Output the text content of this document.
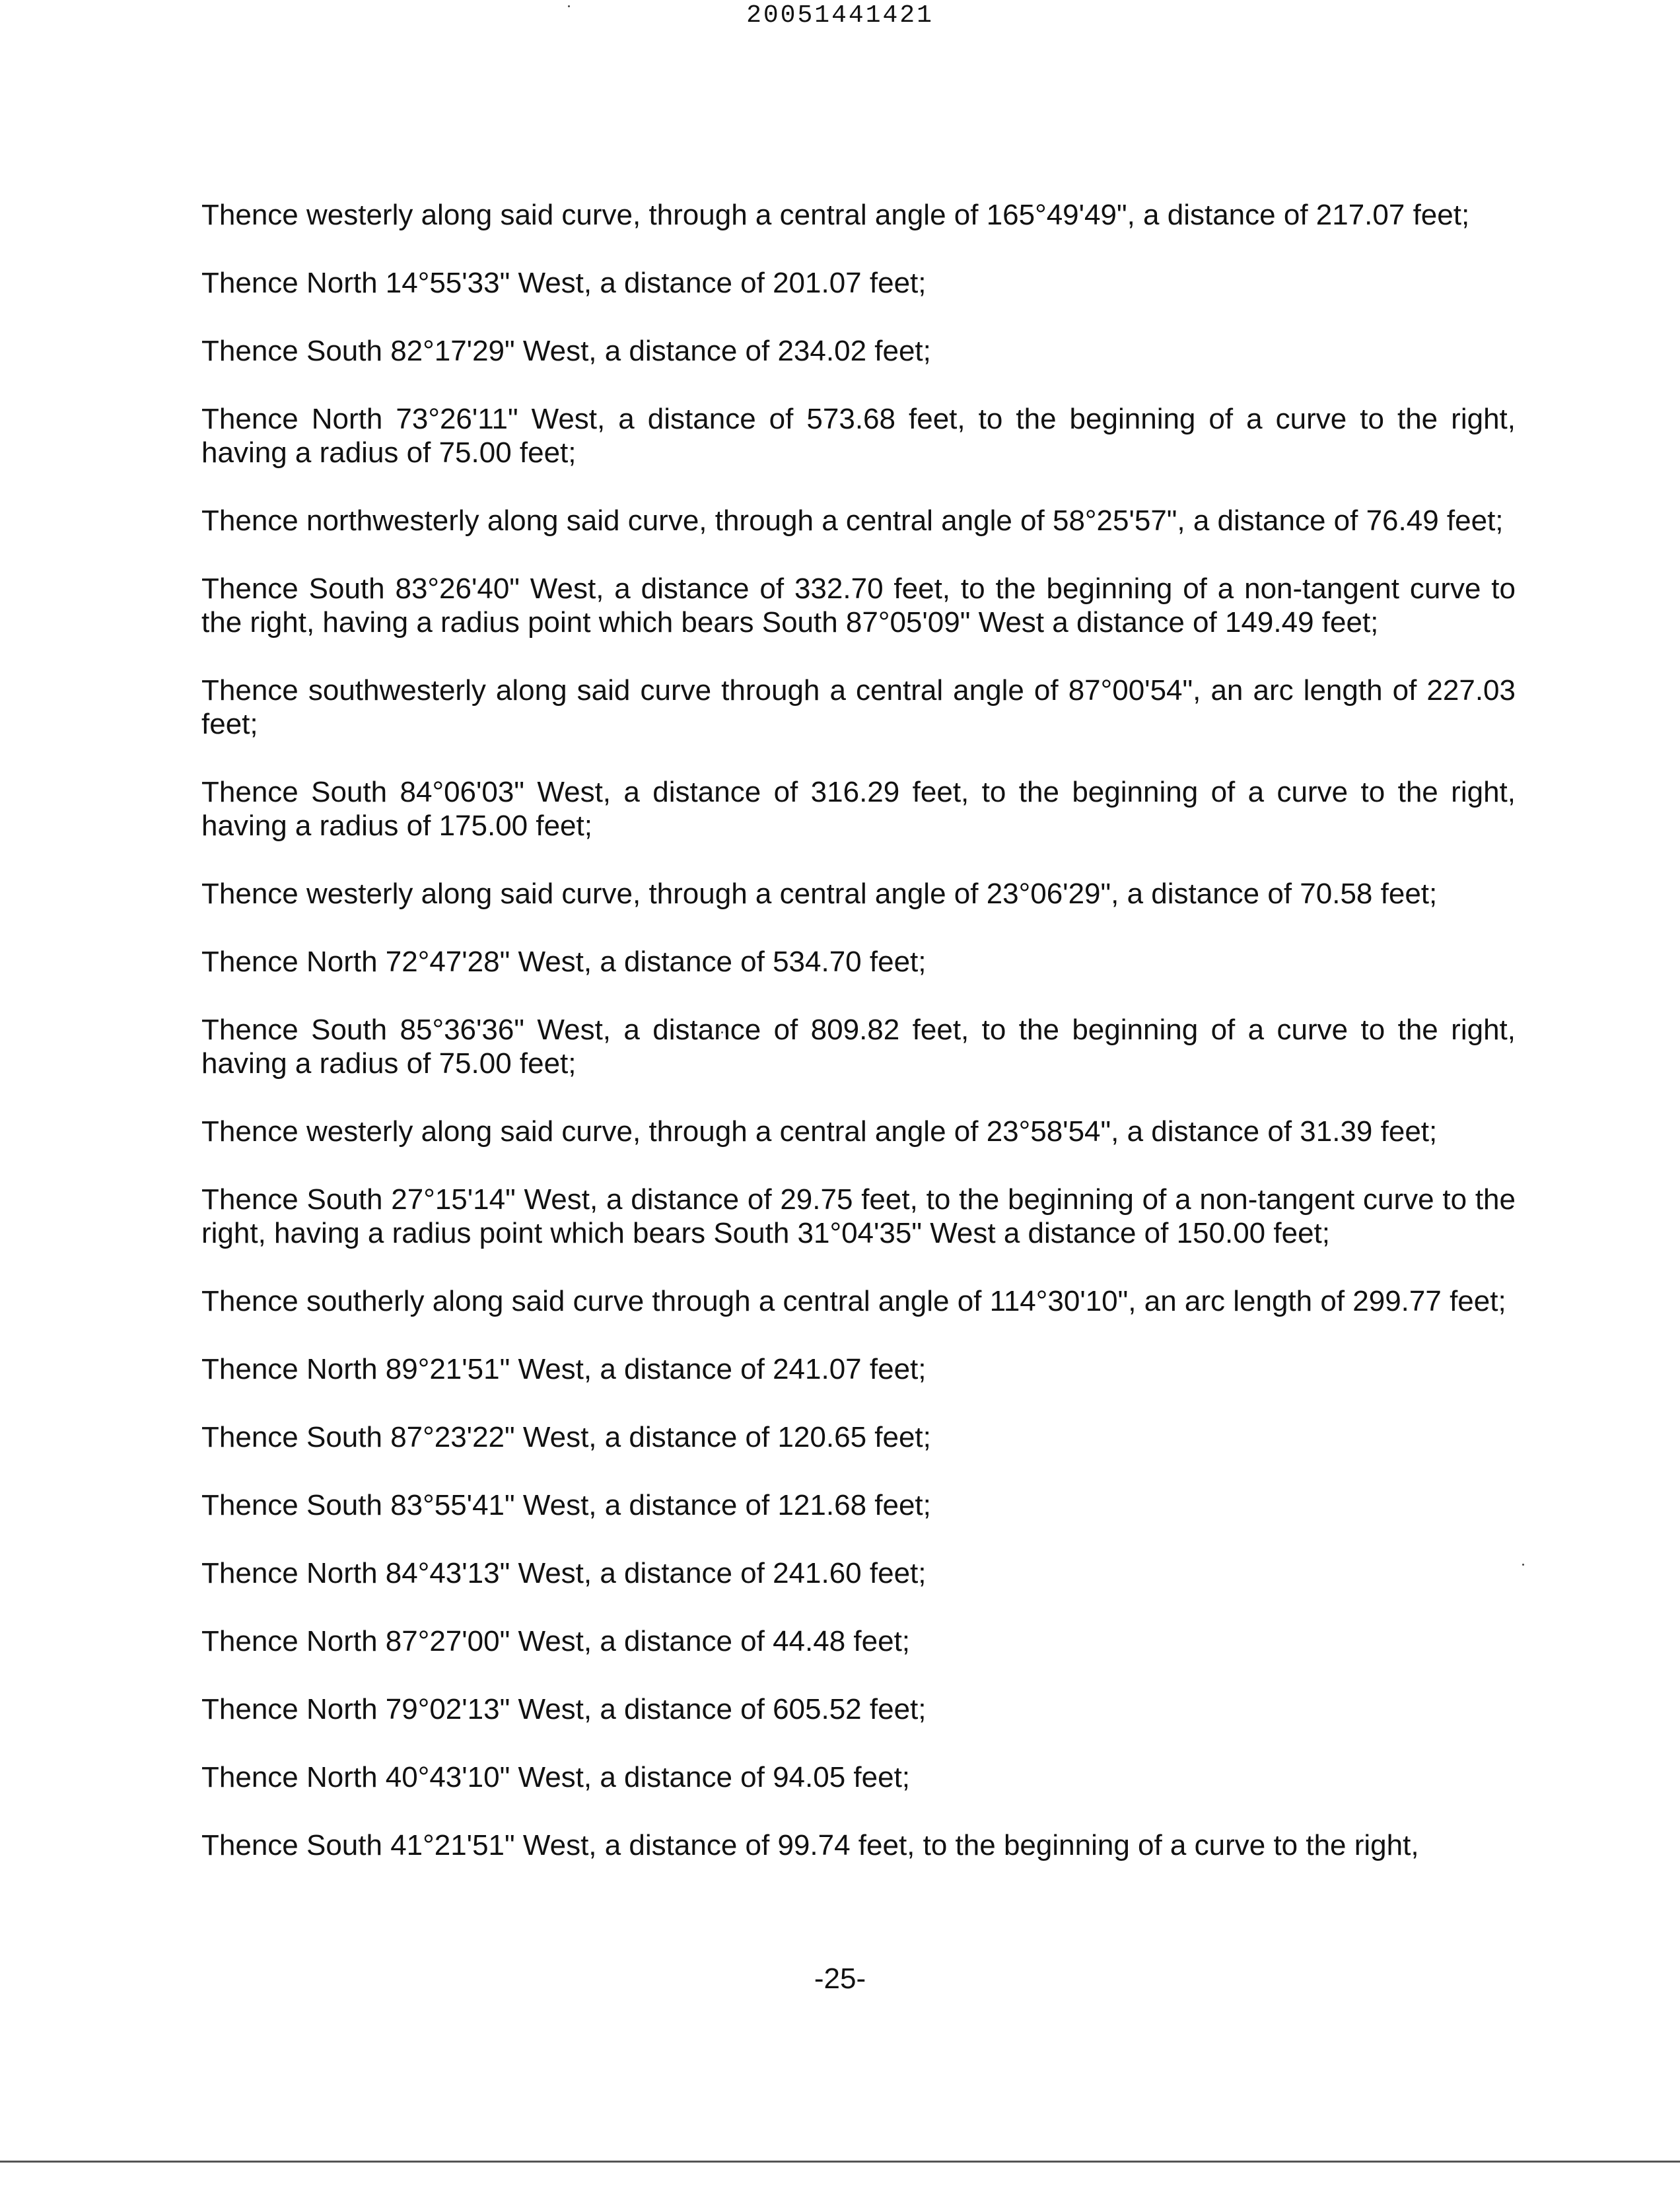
20051441421

Thence westerly along said curve, through a central angle of 165°49'49", a distance of 217.07 feet;

Thence North 14°55'33" West, a distance of 201.07 feet;

Thence South 82°17'29" West, a distance of 234.02 feet;

Thence North 73°26'11" West, a distance of 573.68 feet, to the beginning of a curve to the right, having a radius of 75.00 feet;

Thence northwesterly along said curve, through a central angle of 58°25'57", a distance of 76.49 feet;

Thence South 83°26'40" West, a distance of 332.70 feet, to the beginning of a non-tangent curve to the right, having a radius point which bears South 87°05'09" West a distance of 149.49 feet;

Thence southwesterly along said curve through a central angle of 87°00'54", an arc length of 227.03 feet;

Thence South 84°06'03" West, a distance of 316.29 feet, to the beginning of a curve to the right, having a radius of 175.00 feet;

Thence westerly along said curve, through a central angle of 23°06'29", a distance of 70.58 feet;

Thence North 72°47'28" West, a distance of 534.70 feet;

Thence South 85°36'36" West, a distance of 809.82 feet, to the beginning of a curve to the right, having a radius of 75.00 feet;

Thence westerly along said curve, through a central angle of 23°58'54", a distance of 31.39 feet;

Thence South 27°15'14" West, a distance of 29.75 feet, to the beginning of a non-tangent curve to the right, having a radius point which bears South 31°04'35" West a distance of 150.00 feet;

Thence southerly along said curve through a central angle of 114°30'10", an arc length of 299.77 feet;

Thence North 89°21'51" West, a distance of 241.07 feet;

Thence South 87°23'22" West, a distance of 120.65 feet;

Thence South 83°55'41" West, a distance of 121.68 feet;

Thence North 84°43'13" West, a distance of 241.60 feet;

Thence North 87°27'00" West, a distance of 44.48 feet;

Thence North 79°02'13" West, a distance of 605.52 feet;

Thence North 40°43'10" West, a distance of 94.05 feet;

Thence South 41°21'51" West, a distance of 99.74 feet, to the beginning of a curve to the right,

-25-
